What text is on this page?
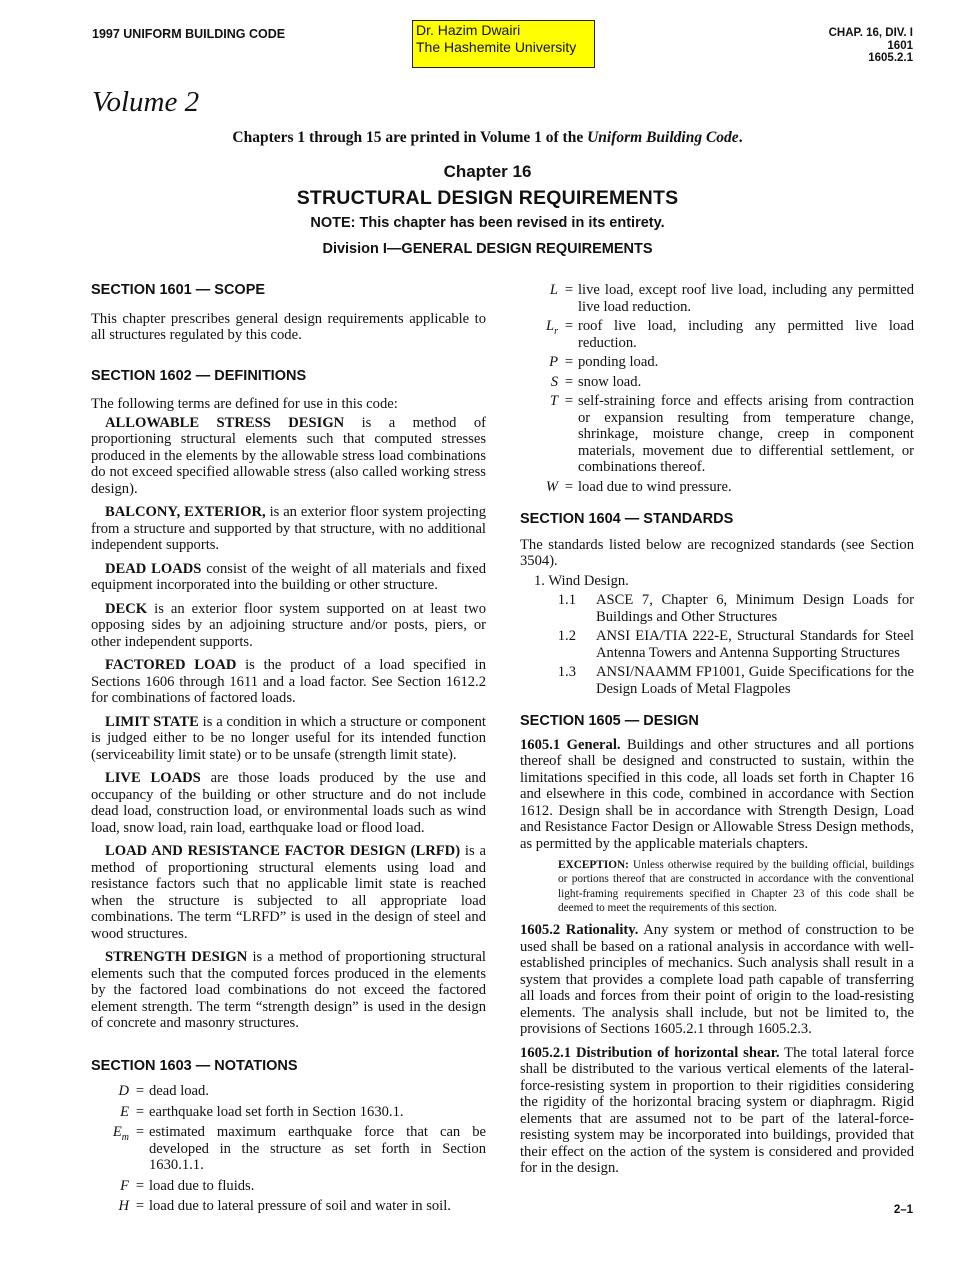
1997 UNIFORM BUILDING CODE	Dr. Hazim Dwairi
The Hashemite University
CHAP. 16, DIV. I
1601
1605.2.1
Volume 2
Chapters 1 through 15 are printed in Volume 1 of the Uniform Building Code.
Chapter 16
STRUCTURAL DESIGN REQUIREMENTS
NOTE: This chapter has been revised in its entirety.
Division I—GENERAL DESIGN REQUIREMENTS
SECTION 1601 — SCOPE

This chapter prescribes general design requirements applicable to all structures regulated by this code.

SECTION 1602 — DEFINITIONS

The following terms are defined for use in this code:

ALLOWABLE STRESS DESIGN is a method of proportioning structural elements such that computed stresses produced in the elements by the allowable stress load combinations do not exceed specified allowable stress (also called working stress design).

BALCONY, EXTERIOR, is an exterior floor system projecting from a structure and supported by that structure, with no additional independent supports.

DEAD LOADS consist of the weight of all materials and fixed equipment incorporated into the building or other structure.

DECK is an exterior floor system supported on at least two opposing sides by an adjoining structure and/or posts, piers, or other independent supports.

FACTORED LOAD is the product of a load specified in Sections 1606 through 1611 and a load factor. See Section 1612.2 for combinations of factored loads.

LIMIT STATE is a condition in which a structure or component is judged either to be no longer useful for its intended function (serviceability limit state) or to be unsafe (strength limit state).

LIVE LOADS are those loads produced by the use and occupancy of the building or other structure and do not include dead load, construction load, or environmental loads such as wind load, snow load, rain load, earthquake load or flood load.

LOAD AND RESISTANCE FACTOR DESIGN (LRFD) is a method of proportioning structural elements using load and resistance factors such that no applicable limit state is reached when the structure is subjected to all appropriate load combinations. The term “LRFD” is used in the design of steel and wood structures.

STRENGTH DESIGN is a method of proportioning structural elements such that the computed forces produced in the elements by the factored load combinations do not exceed the factored element strength. The term “strength design” is used in the design of concrete and masonry structures.

SECTION 1603 — NOTATIONS
D = dead load.
E = earthquake load set forth in Section 1630.1.
$E_m$ = estimated maximum earthquake force that can be developed in the structure as set forth in Section 1630.1.1.
F = load due to fluids.
H = load due to lateral pressure of soil and water in soil.
L = live load, except roof live load, including any permitted live load reduction.
$L_r$ = roof live load, including any permitted live load reduction.
P = ponding load.
S = snow load.
T = self-straining force and effects arising from contraction or expansion resulting from temperature change, shrinkage, moisture change, creep in component materials, movement due to differential settlement, or combinations thereof.
W = load due to wind pressure.
SECTION 1604 — STANDARDS

The standards listed below are recognized standards (see Section 3504).

1. Wind Design.

1.1	ASCE 7, Chapter 6, Minimum Design Loads for Buildings and Other Structures
1.2	ANSI EIA/TIA 222-E, Structural Standards for Steel Antenna Towers and Antenna Supporting Structures
1.3	ANSI/NAAMM FP1001, Guide Specifications for the Design Loads of Metal Flagpoles
SECTION 1605 — DESIGN

1605.1 General. Buildings and other structures and all portions thereof shall be designed and constructed to sustain, within the limitations specified in this code, all loads set forth in Chapter 16 and elsewhere in this code, combined in accordance with Section 1612. Design shall be in accordance with Strength Design, Load and Resistance Factor Design or Allowable Stress Design methods, as permitted by the applicable materials chapters.

EXCEPTION: Unless otherwise required by the building official, buildings or portions thereof that are constructed in accordance with the conventional light-framing requirements specified in Chapter 23 of this code shall be deemed to meet the requirements of this section.

1605.2 Rationality. Any system or method of construction to be used shall be based on a rational analysis in accordance with well-established principles of mechanics. Such analysis shall result in a system that provides a complete load path capable of transferring all loads and forces from their point of origin to the load-resisting elements. The analysis shall include, but not be limited to, the provisions of Sections 1605.2.1 through 1605.2.3.

1605.2.1 Distribution of horizontal shear. The total lateral force shall be distributed to the various vertical elements of the lateral-force-resisting system in proportion to their rigidities considering the rigidity of the horizontal bracing system or diaphragm. Rigid elements that are assumed not to be part of the lateral-force-resisting system may be incorporated into buildings, provided that their effect on the action of the system is considered and provided for in the design.

2–1
